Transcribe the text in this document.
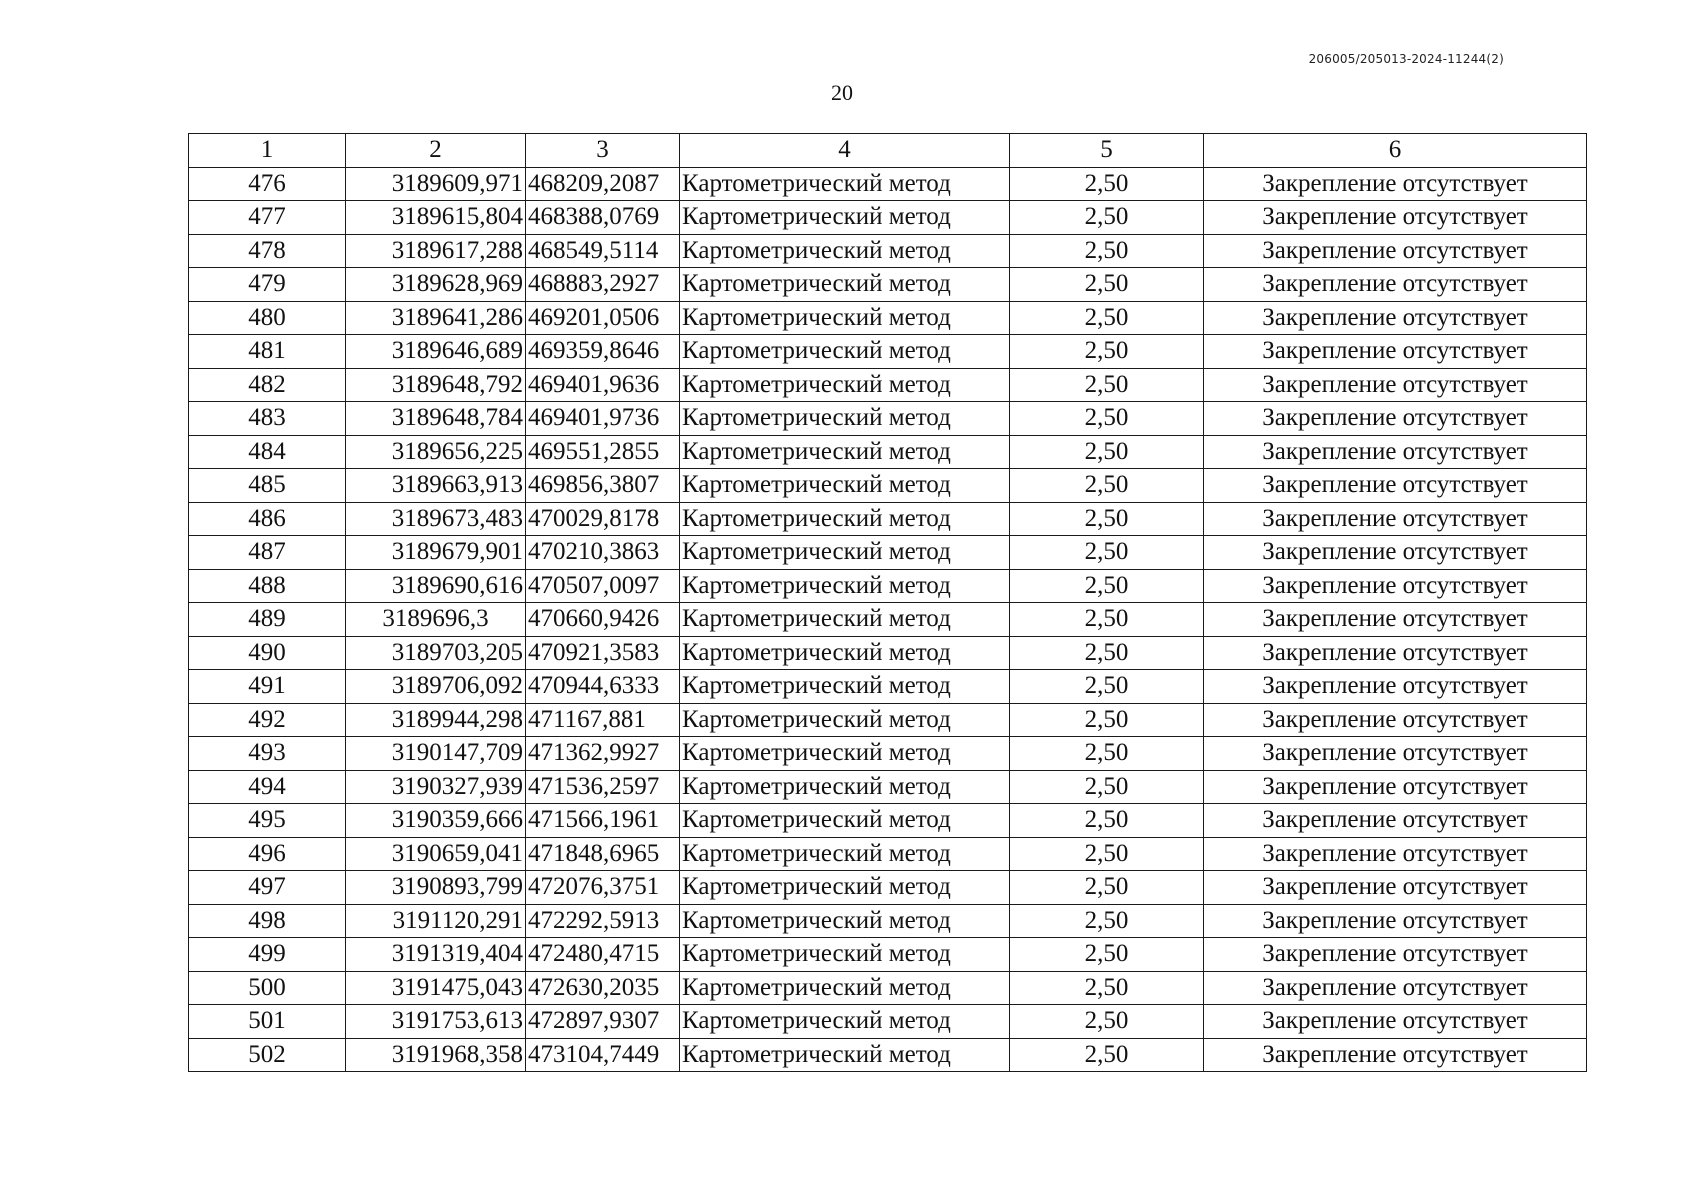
206005/205013-2024-11244(2)
20
1	2	3	4	5	6
476	3189609,971	468209,2087	Картометрический метод	2,50	Закрепление отсутствует
477	3189615,804	468388,0769	Картометрический метод	2,50	Закрепление отсутствует
478	3189617,288	468549,5114	Картометрический метод	2,50	Закрепление отсутствует
479	3189628,969	468883,2927	Картометрический метод	2,50	Закрепление отсутствует
480	3189641,286	469201,0506	Картометрический метод	2,50	Закрепление отсутствует
481	3189646,689	469359,8646	Картометрический метод	2,50	Закрепление отсутствует
482	3189648,792	469401,9636	Картометрический метод	2,50	Закрепление отсутствует
483	3189648,784	469401,9736	Картометрический метод	2,50	Закрепление отсутствует
484	3189656,225	469551,2855	Картометрический метод	2,50	Закрепление отсутствует
485	3189663,913	469856,3807	Картометрический метод	2,50	Закрепление отсутствует
486	3189673,483	470029,8178	Картометрический метод	2,50	Закрепление отсутствует
487	3189679,901	470210,3863	Картометрический метод	2,50	Закрепление отсутствует
488	3189690,616	470507,0097	Картометрический метод	2,50	Закрепление отсутствует
489	3189696,3	470660,9426	Картометрический метод	2,50	Закрепление отсутствует
490	3189703,205	470921,3583	Картометрический метод	2,50	Закрепление отсутствует
491	3189706,092	470944,6333	Картометрический метод	2,50	Закрепление отсутствует
492	3189944,298	471167,881	Картометрический метод	2,50	Закрепление отсутствует
493	3190147,709	471362,9927	Картометрический метод	2,50	Закрепление отсутствует
494	3190327,939	471536,2597	Картометрический метод	2,50	Закрепление отсутствует
495	3190359,666	471566,1961	Картометрический метод	2,50	Закрепление отсутствует
496	3190659,041	471848,6965	Картометрический метод	2,50	Закрепление отсутствует
497	3190893,799	472076,3751	Картометрический метод	2,50	Закрепление отсутствует
498	3191120,291	472292,5913	Картометрический метод	2,50	Закрепление отсутствует
499	3191319,404	472480,4715	Картометрический метод	2,50	Закрепление отсутствует
500	3191475,043	472630,2035	Картометрический метод	2,50	Закрепление отсутствует
501	3191753,613	472897,9307	Картометрический метод	2,50	Закрепление отсутствует
502	3191968,358	473104,7449	Картометрический метод	2,50	Закрепление отсутствует
